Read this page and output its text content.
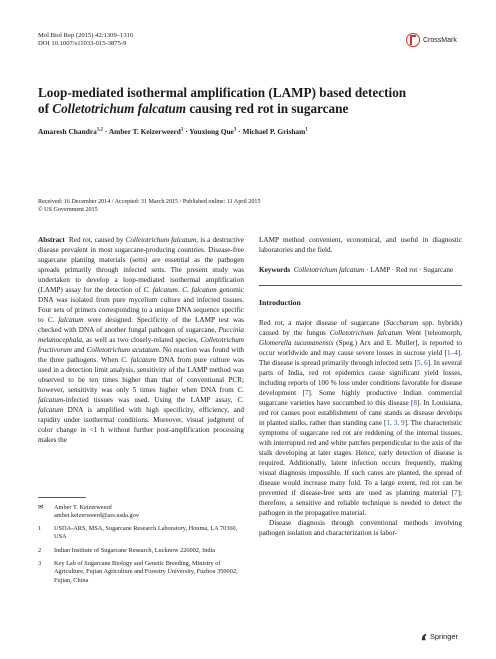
Mol Biol Rep (2015) 42:1309–1316
DOI 10.1007/s11033-015-3875-9
CrossMark
Loop-mediated isothermal amplification (LAMP) based detection
of Colletotrichum falcatum causing red rot in sugarcane
Amaresh Chandra$^{1,2}$ · Amber T. Keizerweerd$^1$ · Youxiong Que$^3$ · Michael P. Grisham$^1$
Received: 16 December 2014 / Accepted: 31 March 2015 / Published online: 11 April 2015
© US Government 2015
Abstract Red rot, caused by Colletotrichum falcatum, is a destructive disease prevalent in most sugarcane-producing countries. Disease-free sugarcane planting materials (setts) are essential as the pathogen spreads primarily through infected setts. The present study was undertaken to develop a loop-mediated isothermal amplification (LAMP) assay for the detection of C. falcatum. C. falcatum genomic DNA was isolated from pure mycelium culture and infected tissues. Four sets of primers corresponding to a unique DNA sequence specific to C. falcatum were designed. Specificity of the LAMP test was checked with DNA of another fungal pathogen of sugarcane, Puccinia melanocephala, as well as two closely-related species, Colletotrichum fructivorum and Colletotrichum acutatum. No reaction was found with the three pathogens. When C. falcatum DNA from pure culture was used in a detection limit analysis, sensitivity of the LAMP method was observed to be ten times higher than that of conventional PCR; however, sensitivity was only 5 times higher when DNA from C. falcatum-infected tissues was used. Using the LAMP assay, C. falcatum DNA is amplified with high specificity, efficiency, and rapidity under isothermal conditions. Moreover, visual judgment of color change in <1 h without further post-amplification processing makes the
✉	Amber T. Keizerweerd
amber.keizerweerd@ars.usda.gov
1	USDA-ARS, MSA, Sugarcane Research Laboratory, Houma, LA 70360, USA
2	Indian Institute of Sugarcane Research, Lucknow 226002, India
3	Key Lab of Sugarcane Biology and Genetic Breeding, Ministry of Agriculture, Fujian Agriculture and Forestry University, Fuzhou 350002, Fujian, China
LAMP method convenient, economical, and useful in diagnostic laboratories and the field.
Keywords Colletotrichum falcatum · LAMP · Red rot · Sugarcane
Introduction
Red rot, a major disease of sugarcane (Saccharum spp. hybrids) caused by the fungus Colletotrichum falcatum Went [teleomorph, Glomerella tucumanensis (Speg.) Arx and E. Muller], is reported to occur worldwide and may cause severe losses in sucrose yield [1–4]. The disease is spread primarily through infected setts [5, 6]. In several parts of India, red rot epidemics cause significant yield losses, including reports of 100 % loss under conditions favorable for disease development [7]. Some highly productive Indian commercial sugarcane varieties have succumbed to this disease [8]. In Louisiana, red rot causes poor establishment of cane stands as disease develops in planted stalks, rather than standing cane [1, 3, 9]. The characteristic symptoms of sugarcane red rot are reddening of the internal tissues, with interrupted red and white patches perpendicular to the axis of the stalk developing at later stages. Hence, early detection of disease is required. Additionally, latent infection occurs frequently, making visual diagnosis impossible. If such canes are planted, the spread of disease would increase many fold. To a large extent, red rot can be prevented if disease-free setts are used as planting material [7]; therefore, a sensitive and reliable technique is needed to detect the pathogen in the propagative material.
Disease diagnosis through conventional methods involving pathogen isolation and characterization is labor-
Springer
